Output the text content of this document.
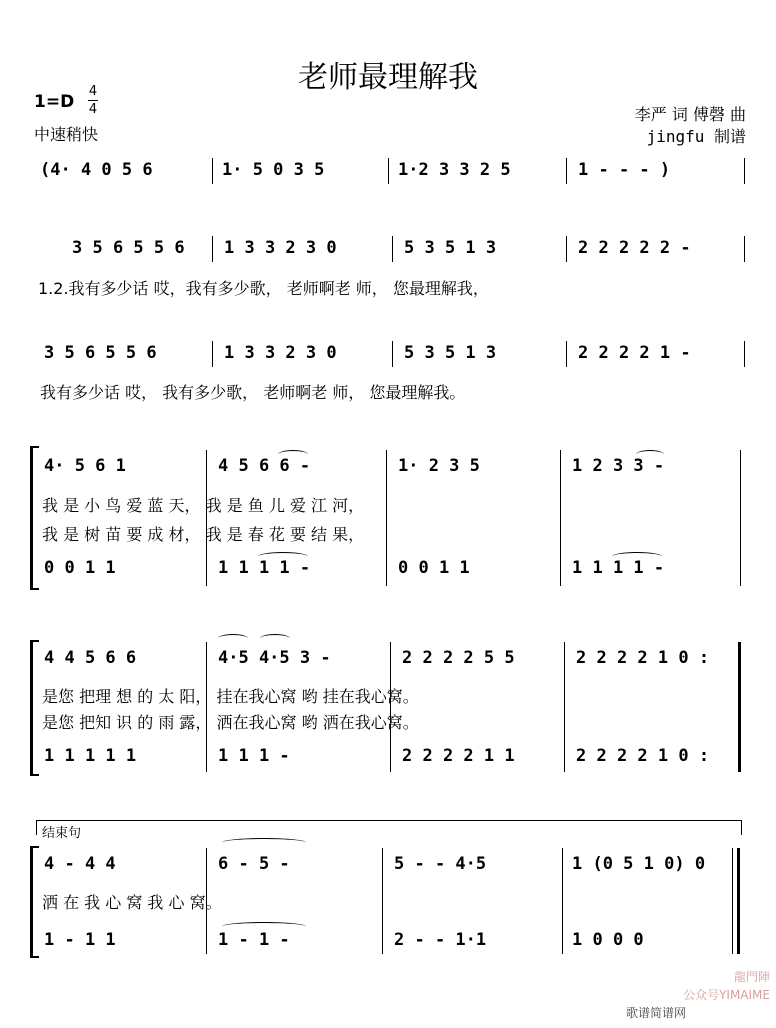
老师最理解我
1=D
4
4
中速稍快
李严 词 傅磬 曲
jingfu 制谱
(4· 4 0 5 6	1· 5 0 3 5	1·2 3 3 2 5	1 - - - )
3 5 6 5 5 6 1 3 3 2 3 0	5 3 5 1 3	2 2 2 2 2 -
1.2.我有多少话 哎，我有多少歌， 老师啊老 师， 您最理解我，
3 5 6 5 5 6	1 3 3 2 3 0	5 3 5 1 3	2 2 2 2 1 -
我有多少话 哎， 我有多少歌， 老师啊老 师， 您最理解我。
4· 5 6 1	4 5 6 6 -	1· 2 3 5	1 2 3 3 -
我 是 小 鸟 爱 蓝 天， 我 是 鱼 儿 爱 江 河，
我 是 树 苗 要 成 材， 我 是 春 花 要 结 果，
0 0 1 1	1 1 1 1 -	0 0 1 1	1 1 1 1 -
4 4 5 6 6	4·5 4·5 3 -	2 2 2 2 5 5	2 2 2 2 1 0 :
是您 把理 想 的 太 阳， 挂在我心窝 哟 挂在我心窝。
是您 把知 识 的 雨 露， 洒在我心窝 哟 洒在我心窝。
1 1 1 1 1	1 1 1 -	2 2 2 2 1 1	2 2 2 2 1 0 :
结束句
4 - 4 4	6 - 5 -	5 - - 4·5	1 (0 5 1 0) 0
洒 在 我 心 窝 我 心 窝。
1 - 1 1	1 - 1 -	2 - - 1·1	1 0 0 0
龍門陣
公众号YIMAIME
歌谱简谱网
